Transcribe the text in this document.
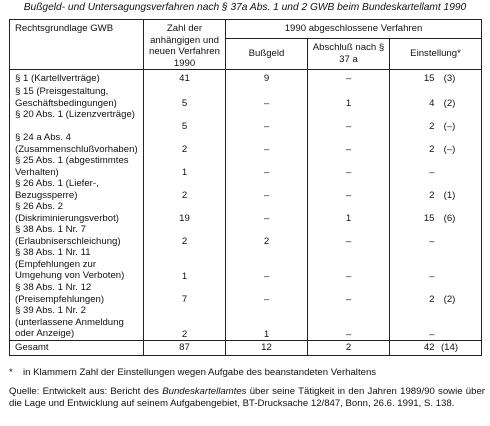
Bußgeld- und Untersagungsverfahren nach § 37a Abs. 1 und 2 GWB beim Bundeskartellamt 1990
Rechtsgrundlage GWB	Zahl der anhängigen und neuen Verfahren 1990	1990 abgeschlossene Verfahren		
		Bußgeld	Abschluß nach § 37 a	Einstellung*
§ 1 (Kartellverträge)	41	9	–	15 (3)
§ 15 (Preisgestaltung, Geschäftsbedingungen)	5	–	1	4 (2)
§ 20 Abs. 1 (Lizenzverträge)	5	–	–	2 (–)
§ 24 a Abs. 4 (Zusammenschlußvorhaben)	2	–	–	2 (–)
§ 25 Abs. 1 (abgestimmtes Verhalten)	1	–	–	–
§ 26 Abs. 1 (Liefer-, Bezugssperre)	2	–	–	2 (1)
§ 26 Abs. 2 (Diskriminierungsverbot)	19	–	1	15 (6)
§ 38 Abs. 1 Nr. 7 (Erlaubniserschleichung)	2	2	–	–
§ 38 Abs. 1 Nr. 11 (Empfehlungen zur Umgehung von Verboten)	1	–	–	–
§ 38 Abs. 1 Nr. 12 (Preisempfehlungen)	7	–	–	2 (2)
§ 39 Abs. 1 Nr. 2 (unterlassene Anmeldung oder Anzeige)	2	1	–	–
Gesamt	87	12	2	42 (14)
* in Klammern Zahl der Einstellungen wegen Aufgabe des beanstandeten Verhaltens
Quelle: Entwickelt aus: Bericht des Bundeskartellamtes über seine Tätigkeit in den Jahren 1989/90 sowie über die Lage und Entwicklung auf seinem Aufgabengebiet, BT-Drucksache 12/847, Bonn, 26.6. 1991, S. 138.
